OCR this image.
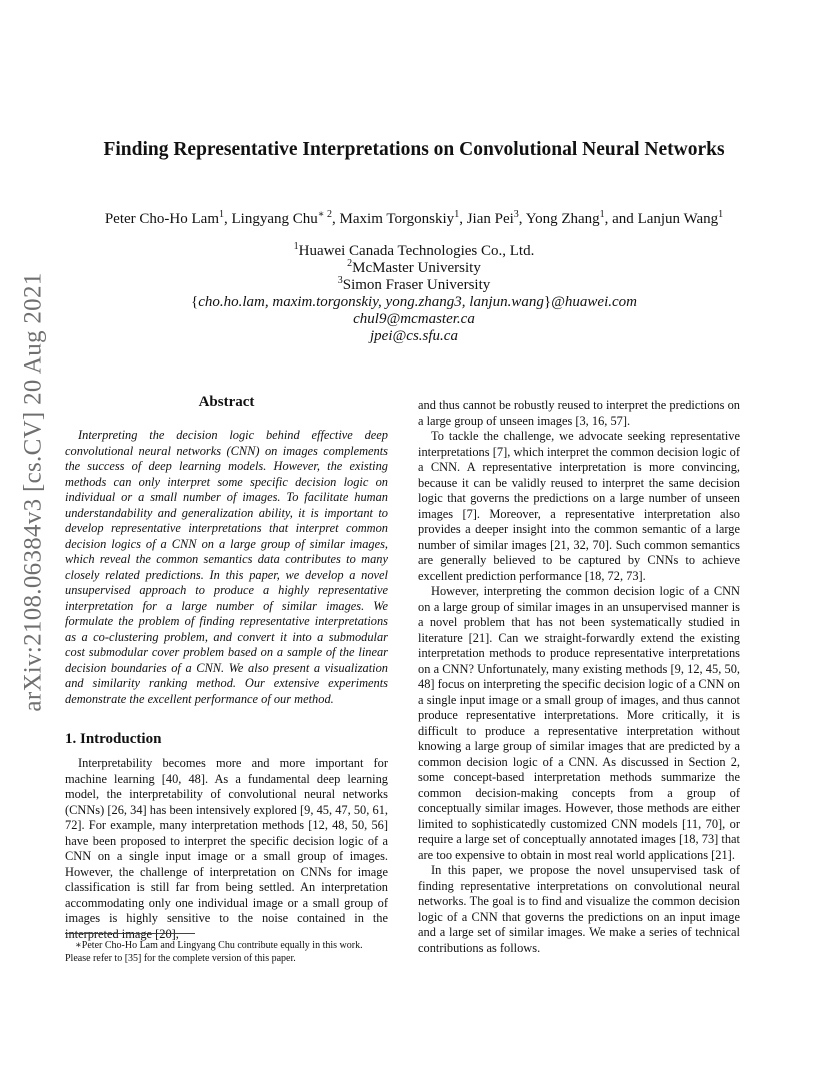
arXiv:2108.06384v3 [cs.CV] 20 Aug 2021
Finding Representative Interpretations on Convolutional Neural Networks
Peter Cho-Ho Lam$^1$, Lingyang Chu$^{∗ 2}$, Maxim Torgonskiy$^1$, Jian Pei$^3$, Yong Zhang$^1$, and Lanjun Wang$^1$
$^1$Huawei Canada Technologies Co., Ltd.
$^2$McMaster University
$^3$Simon Fraser University
{cho.ho.lam, maxim.torgonskiy, yong.zhang3, lanjun.wang}@huawei.com
chul9@mcmaster.ca
jpei@cs.sfu.ca
Abstract

Interpreting the decision logic behind effective deep convolutional neural networks (CNN) on images complements the success of deep learning models. However, the existing methods can only interpret some specific decision logic on individual or a small number of images. To facilitate human understandability and generalization ability, it is important to develop representative interpretations that interpret common decision logics of a CNN on a large group of similar images, which reveal the common semantics data contributes to many closely related predictions. In this paper, we develop a novel unsupervised approach to produce a highly representative interpretation for a large number of similar images. We formulate the problem of finding representative interpretations as a co-clustering problem, and convert it into a submodular cost submodular cover problem based on a sample of the linear decision boundaries of a CNN. We also present a visualization and similarity ranking method. Our extensive experiments demonstrate the excellent performance of our method.

1. Introduction

Interpretability becomes more and more important for machine learning [40, 48]. As a fundamental deep learning model, the interpretability of convolutional neural networks (CNNs) [26, 34] has been intensively explored [9, 45, 47, 50, 61, 72]. For example, many interpretation methods [12, 48, 50, 56] have been proposed to interpret the specific decision logic of a CNN on a single input image or a small group of images. However, the challenge of interpretation on CNNs for image classification is still far from being settled. An interpretation accommodating only one individual image or a small group of images is highly sensitive to the noise contained in the interpreted image [20],

∗Peter Cho-Ho Lam and Lingyang Chu contribute equally in this work. Please refer to [35] for the complete version of this paper.

and thus cannot be robustly reused to interpret the predictions on a large group of unseen images [3, 16, 57].

To tackle the challenge, we advocate seeking representative interpretations [7], which interpret the common decision logic of a CNN. A representative interpretation is more convincing, because it can be validly reused to interpret the same decision logic that governs the predictions on a large number of unseen images [7]. Moreover, a representative interpretation also provides a deeper insight into the common semantic of a large number of similar images [21, 32, 70]. Such common semantics are generally believed to be captured by CNNs to achieve excellent prediction performance [18, 72, 73].

However, interpreting the common decision logic of a CNN on a large group of similar images in an unsupervised manner is a novel problem that has not been systematically studied in literature [21]. Can we straight-forwardly extend the existing interpretation methods to produce representative interpretations on a CNN? Unfortunately, many existing methods [9, 12, 45, 50, 48] focus on interpreting the specific decision logic of a CNN on a single input image or a small group of images, and thus cannot produce representative interpretations. More critically, it is difficult to produce a representative interpretation without knowing a large group of similar images that are predicted by a common decision logic of a CNN. As discussed in Section 2, some concept-based interpretation methods summarize the common decision-making concepts from a group of conceptually similar images. However, those methods are either limited to sophisticatedly customized CNN models [11, 70], or require a large set of conceptually annotated images [18, 73] that are too expensive to obtain in most real world applications [21].

In this paper, we propose the novel unsupervised task of finding representative interpretations on convolutional neural networks. The goal is to find and visualize the common decision logic of a CNN that governs the predictions on an input image and a large set of similar images. We make a series of technical contributions as follows.
